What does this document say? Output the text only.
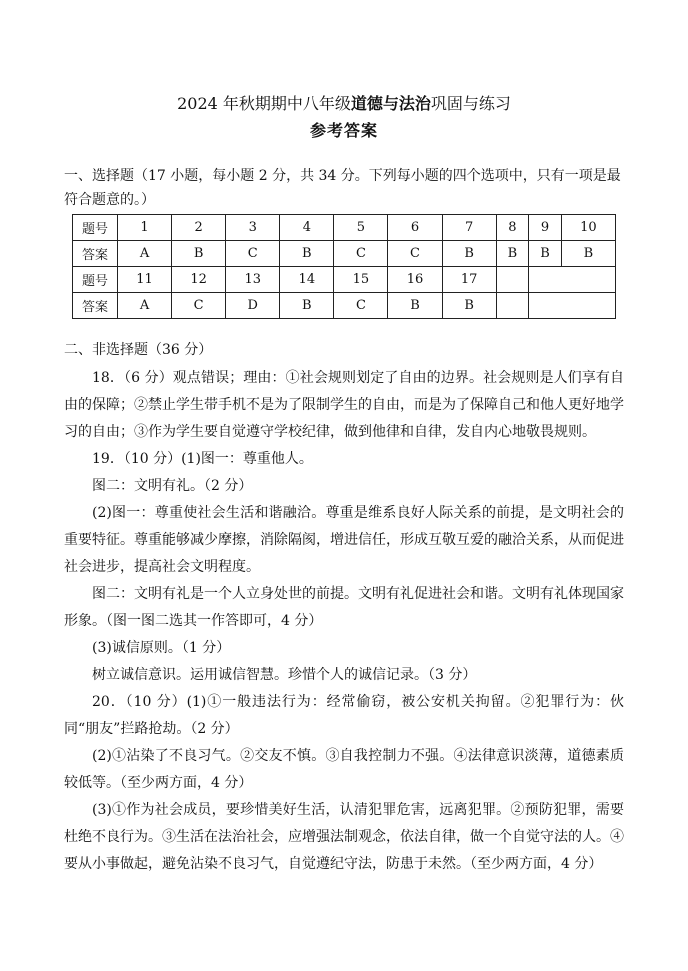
2024 年秋期期中八年级道德与法治巩固与练习
参考答案
一、选择题（17 小题，每小题 2 分，共 34 分。下列每小题的四个选项中，只有一项是最符合题意的。）
题号	1	2	3	4	5	6	7	8	9	10
答案	A	B	C	B	C	C	B	B	B	B
题号	11	12	13	14	15	16	17			
答案	A	C	D	B	C	B	B			

二、非选择题（36 分）

18．（6 分）观点错误；理由：①社会规则划定了自由的边界。社会规则是人们享有自由的保障；②禁止学生带手机不是为了限制学生的自由，而是为了保障自己和他人更好地学习的自由；③作为学生要自觉遵守学校纪律，做到他律和自律，发自内心地敬畏规则。

19．（10 分）(1)图一：尊重他人。

图二：文明有礼。（2 分）

(2)图一：尊重使社会生活和谐融洽。尊重是维系良好人际关系的前提，是文明社会的重要特征。尊重能够减少摩擦，消除隔阂，增进信任，形成互敬互爱的融洽关系，从而促进社会进步，提高社会文明程度。

图二：文明有礼是一个人立身处世的前提。文明有礼促进社会和谐。文明有礼体现国家形象。（图一图二选其一作答即可，4 分）

(3)诚信原则。（1 分）

树立诚信意识。运用诚信智慧。珍惜个人的诚信记录。（3 分）

20．（10 分）(1)①一般违法行为：经常偷窃，被公安机关拘留。②犯罪行为：伙同“朋友”拦路抢劫。（2 分）

(2)①沾染了不良习气。②交友不慎。③自我控制力不强。④法律意识淡薄，道德素质较低等。（至少两方面，4 分）

(3)①作为社会成员，要珍惜美好生活，认清犯罪危害，远离犯罪。②预防犯罪，需要杜绝不良行为。③生活在法治社会，应增强法制观念，依法自律，做一个自觉守法的人。④要从小事做起，避免沾染不良习气，自觉遵纪守法，防患于未然。（至少两方面，4 分）
